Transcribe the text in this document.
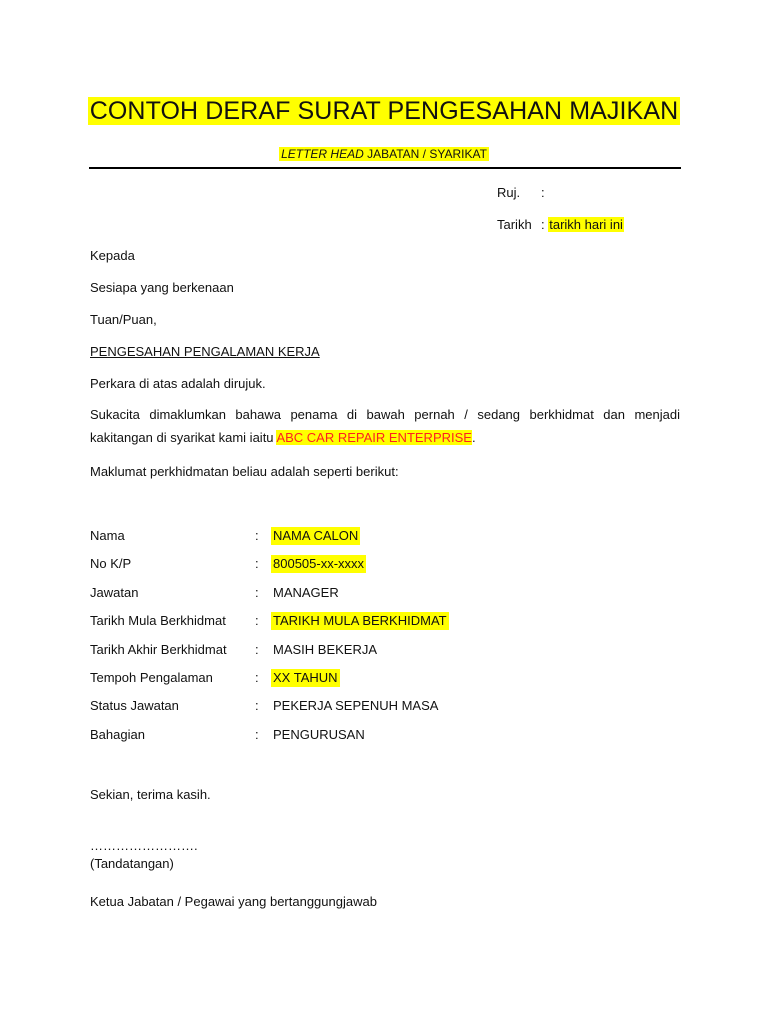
CONTOH DERAF SURAT PENGESAHAN MAJIKAN
LETTER HEAD JABATAN / SYARIKAT
Ruj. :
Tarikh : tarikh hari ini

Kepada

Sesiapa yang berkenaan

Tuan/Puan,

PENGESAHAN PENGALAMAN KERJA

Perkara di atas adalah dirujuk.

Sukacita dimaklumkan bahawa penama di bawah pernah / sedang berkhidmat dan menjadi kakitangan di syarikat kami iaitu ABC CAR REPAIR ENTERPRISE.

Maklumat perkhidmatan beliau adalah seperti berikut:

Nama	: NAMA CALON
No K/P	: 800505-xx-xxxx
Jawatan	: MANAGER
Tarikh Mula Berkhidmat : TARIKH MULA BERKHIDMAT
Tarikh Akhir Berkhidmat : MASIH BEKERJA
Tempoh Pengalaman	: XX TAHUN
Status Jawatan	: PEKERJA SEPENUH MASA
Bahagian	: PENGURUSAN

Sekian, terima kasih.

…………………….

(Tandatangan)

Ketua Jabatan / Pegawai yang bertanggungjawab
